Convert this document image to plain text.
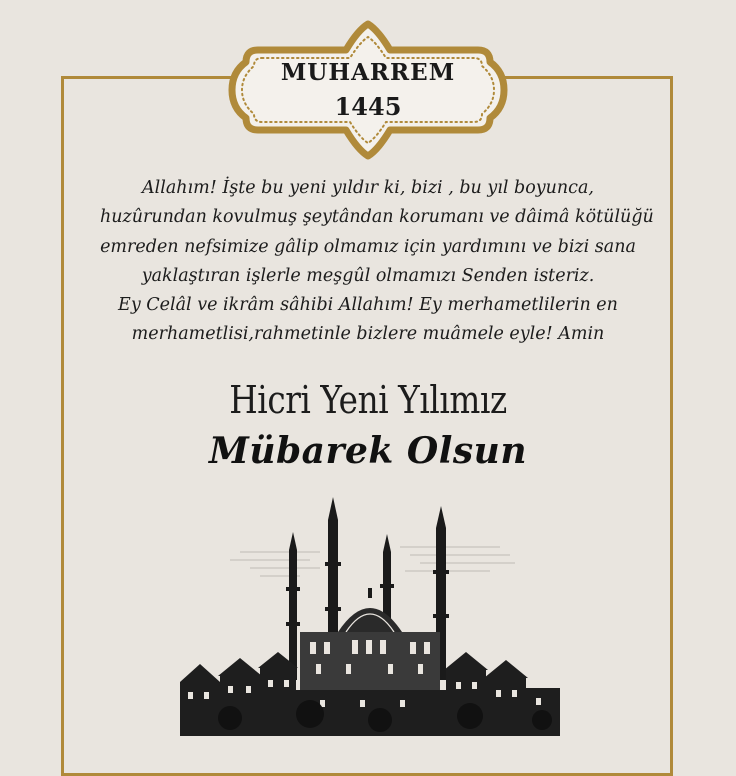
MUHARREM
1445
Allahım! İşte bu yeni yıldır ki, bizi , bu yıl boyunca,
huzûrundan kovulmuş şeytândan korumanı ve dâimâ kötülüğü
emreden nefsimize gâlip olmamız için yardımını ve bizi sana
yaklaştıran işlerle meşgûl olmamızı Senden isteriz.
Ey Celâl ve ikrâm sâhibi Allahım! Ey merhametlilerin en
merhametlisi,rahmetinle bizlere muâmele eyle! Amin
Hicri Yeni Yılımız
Mübarek Olsun
